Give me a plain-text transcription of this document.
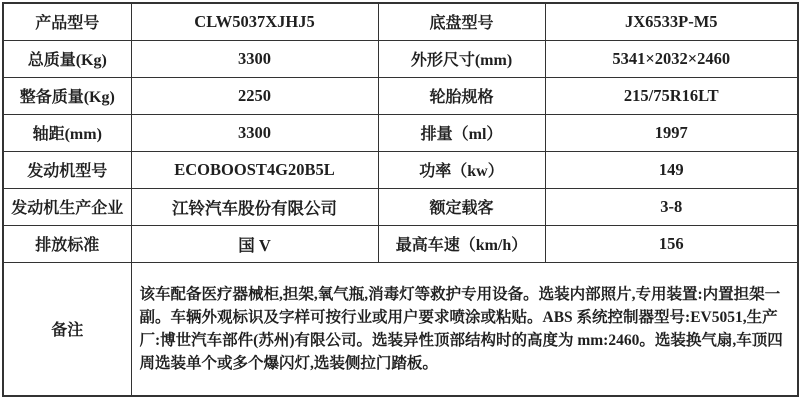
产品型号	CLW5037XJHJ5	底盘型号	JX6533P-M5
总质量(Kg)	3300	外形尺寸(mm)	5341×2032×2460
整备质量(Kg)	2250	轮胎规格	215/75R16LT
轴距(mm)	3300	排量（ml）	1997
发动机型号	ECOBOOST4G20B5L	功率（kw）	149
发动机生产企业	江铃汽车股份有限公司	额定载客	3-8
排放标准	国 V	最高车速（km/h）	156
备注	该车配备医疗器械柜,担架,氧气瓶,消毒灯等救护专用设备。选装内部照片,专用装置:内置担架一副。车辆外观标识及字样可按行业或用户要求喷涂或粘贴。ABS 系统控制器型号:EV5051,生产厂:博世汽车部件(苏州)有限公司。选装异性顶部结构时的高度为 mm:2460。选装换气扇,车顶四周选装单个或多个爆闪灯,选装侧拉门踏板。		
